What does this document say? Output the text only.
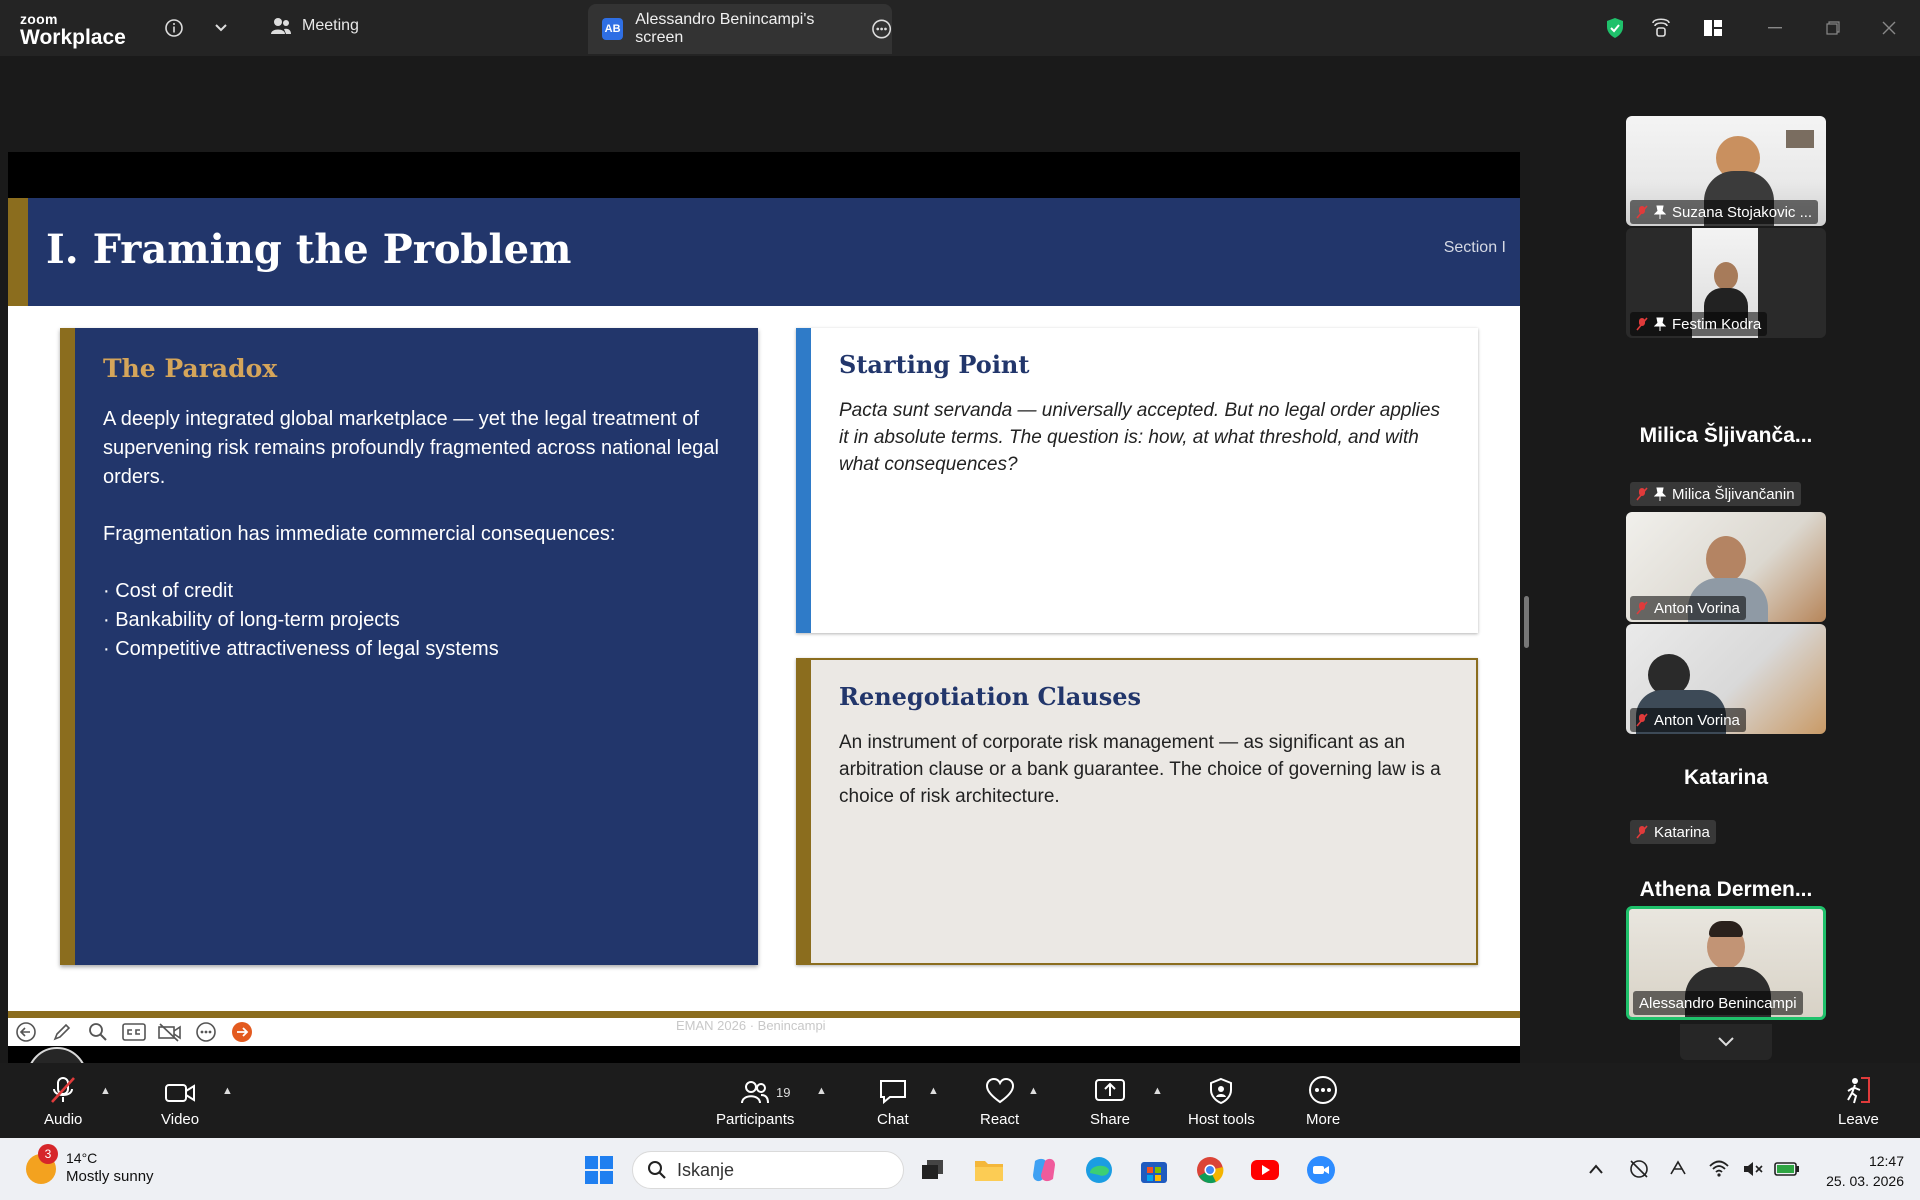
zoom
Workplace
Meeting	AB
Alessandro Benincampi's screen
I. Framing the Problem	Section I
The Paradox

A deeply integrated global marketplace — yet the legal treatment of supervening risk remains profoundly fragmented across national legal orders.

Fragmentation has immediate commercial consequences:

· Cost of credit

· Bankability of long-term projects

· Competitive attractiveness of legal systems

Starting Point

Pacta sunt servanda — universally accepted. But no legal order applies it in absolute terms. The question is: how, at what threshold, and with what consequences?

Renegotiation Clauses

An instrument of corporate risk management — as significant as an arbitration clause or a bank guarantee. The choice of governing law is a choice of risk architecture.

EMAN 2026 · Benincampi
Suzana Stojakovic ...
Festim Kodra
Milica Šljivanča...
Milica Šljivančanin
Anton Vorina
Anton Vorina
Katarina
Katarina
Athena Dermen...
Alessandro Benincampi
Audio
▲
Video
▲
Participants
19 ▲
Chat
▲
React
▲
Share
▲
Host tools	More	Leave
3	14°C
Mostly sunny	Iskanje	12:47
25. 03. 2026
